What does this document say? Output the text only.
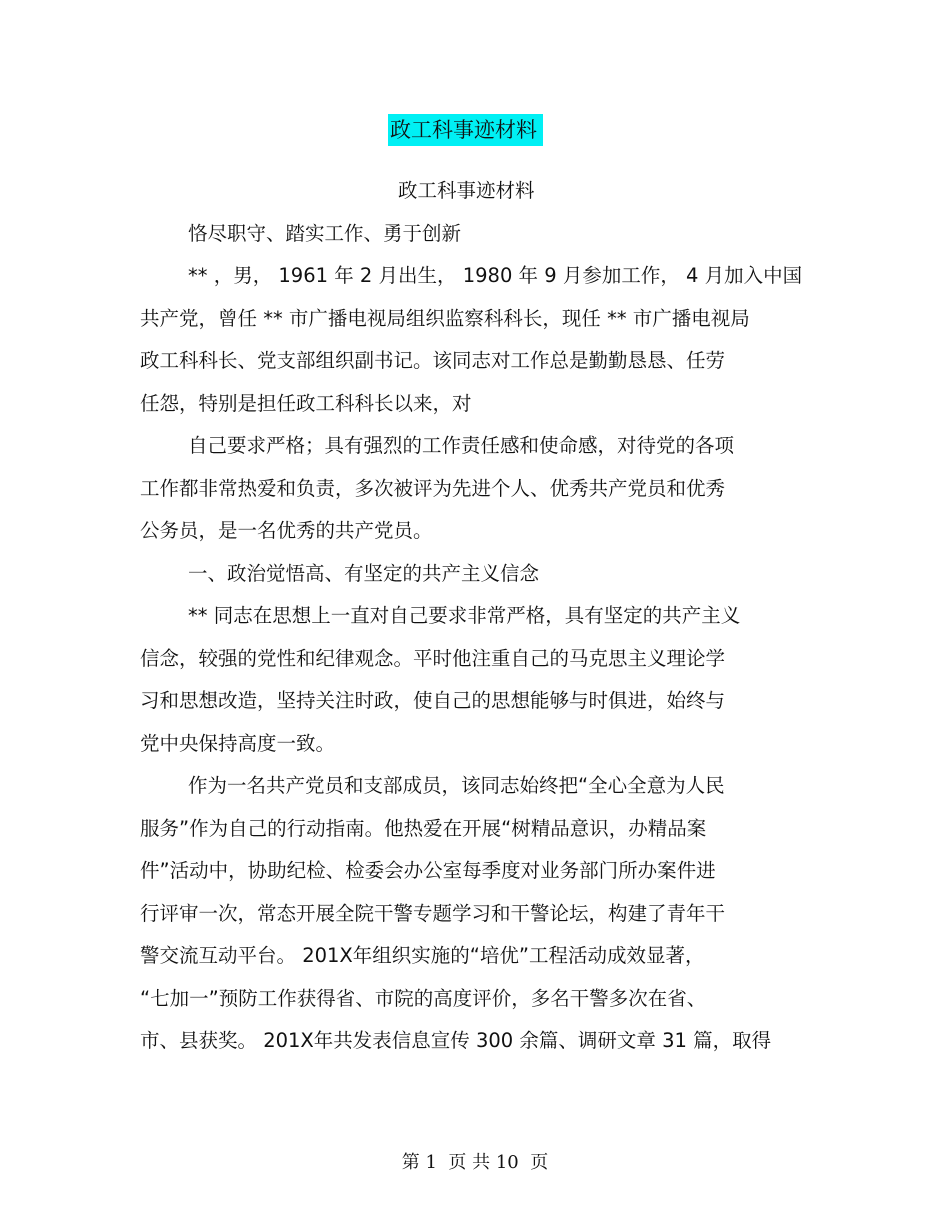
政工科事迹材料
政工科事迹材料
恪尽职守、踏实工作、勇于创新
** ，男， 1961 年 2 月出生， 1980 年 9 月参加工作， 4 月加入中国
共产党，曾任 ** 市广播电视局组织监察科科长，现任 ** 市广播电视局
政工科科长、党支部组织副书记。该同志对工作总是勤勤恳恳、任劳
任怨，特别是担任政工科科长以来，对
自己要求严格；具有强烈的工作责任感和使命感，对待党的各项
工作都非常热爱和负责，多次被评为先进个人、优秀共产党员和优秀
公务员，是一名优秀的共产党员。
一、政治觉悟高、有坚定的共产主义信念
** 同志在思想上一直对自己要求非常严格，具有坚定的共产主义
信念，较强的党性和纪律观念。平时他注重自己的马克思主义理论学
习和思想改造，坚持关注时政，使自己的思想能够与时俱进，始终与
党中央保持高度一致。
作为一名共产党员和支部成员，该同志始终把“全心全意为人民
服务”作为自己的行动指南。他热爱在开展“树精品意识，办精品案
件”活动中，协助纪检、检委会办公室每季度对业务部门所办案件进
行评审一次，常态开展全院干警专题学习和干警论坛，构建了青年干
警交流互动平台。 201X年组织实施的“培优”工程活动成效显著，
“七加一”预防工作获得省、市院的高度评价，多名干警多次在省、
市、县获奖。 201X年共发表信息宣传 300 余篇、调研文章 31 篇，取得
第 1  页 共 10  页
